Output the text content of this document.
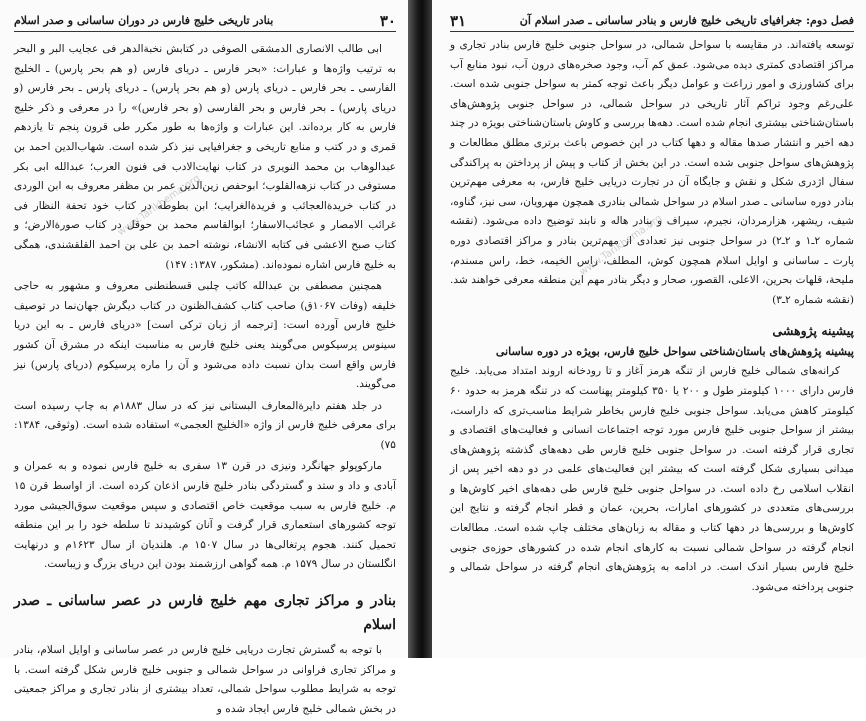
۳۰
بنادر تاریخی خلیج فارس در دوران ساسانی و صدر اسلام

ابی طالب الانصاری الدمشقی الصوفی در کتابش نخبة‌الدهر فی عجایب البر و البحر به ترتیب واژه‌ها و عبارات: «بحر فارس ـ دریای فارس (و هم بحر پارس) ـ الخلیج الفارسی ـ بحر فارس ـ دریای پارس (و هم بحر پارس) ـ دریای پارس ـ بحر فارس (و دریای پارس) ـ بحر فارس و بحر الفارسی (و بحر فارس)» را در معرفی و ذکر خلیج فارس به کار برده‌اند. این عبارات و واژه‌ها به طور مکرر طی قرون پنجم تا یازدهم قمری و در کتب و منابع تاریخی و جغرافیایی نیز ذکر شده است. شهاب‌الدین احمد بن عبدالوهاب بن محمد النویری در کتاب نهایت‌الادب فی فنون العرب؛ عبدالله ابی بکر مستوفی در کتاب نزهه‌القلوب؛ ابوحفص زین‌الدین عمر بن مظفر معروف به ابن الوردی در کتاب خریدة‌العجائب و فریدةالغرایب؛ ابن بطوطه در کتاب خود تحفة النظار فی غرائب الامصار و عجائب‌الاسفار؛ ابوالقاسم محمد بن حوقل در کتاب صورةالارض؛ و کتاب صبح الاعشی فی کتابه الانشاء، نوشته احمد بن علی بن احمد القلقشندی، همگی به خلیج فارس اشاره نموده‌اند. (مشکور، ۱۳۸۷: ۱۴۷)

همچنین مصطفی بن عبدالله کاتب چلبی قسطنطنی معروف و مشهور به حاجی خلیفه (وفات ۱۰۶۷ق) صاحب کتاب کشف‌الظنون در کتاب دیگرش جهان‌نما در توصیف خلیج فارس آورده است: [ترجمه از زبان ترکی است] «دریای فارس ـ به این دریا سینوس پرسیکوس می‌گویند یعنی خلیج فارس به مناسبت اینکه در مشرق آن کشور فارس واقع است بدان نسبت داده می‌شود و آن را ماره پرسیکوم (دریای پارس) نیز می‌گویند.

در جلد هفتم دایرةالمعارف البستانی نیز که در سال ۱۸۸۳م به چاپ رسیده است برای معرفی خلیج فارس از واژه «الخلیج العجمی» استفاده شده است. (وثوقی، ۱۳۸۴: ۷۵)

مارکوپولو جهانگرد ونیزی در قرن ۱۳ سفری به خلیج فارس نموده و به عمران و آبادی و داد و ستد و گستردگی بنادر خلیج فارس اذعان کرده است. از اواسط قرن ۱۵ م. خلیج فارس به سبب موقعیت خاص اقتصادی و سپس موقعیت سوق‌الجیشی مورد توجه کشورهای استعماری قرار گرفت و آنان کوشیدند تا سلطه خود را بر این منطقه تحمیل کنند. هجوم پرتغالی‌ها در سال ۱۵۰۷ م. هلندیان از سال ۱۶۲۳م و درنهایت انگلستان در سال ۱۵۷۹ م. همه گواهی ارزشمند بودن این دریای بزرگ و زیباست.

بنادر و مراکز تجاری مهم خلیج فارس در عصر ساسانی ـ صدر اسلام

با توجه به گسترش تجارت دریایی خلیج فارس در عصر ساسانی و اوایل اسلام، بنادر و مراکز تجاری فراوانی در سواحل شمالی و جنوبی خلیج فارس شکل گرفته است. با توجه به شرایط مطلوب سواحل شمالی، تعداد بیشتری از بنادر تجاری و مراکز جمعیتی در بخش شمالی خلیج فارس ایجاد شده و

www.Tarikhema.org
فصل دوم: جغرافیای تاریخی خلیج فارس و بنادر ساسانی ـ صدر اسلام آن
۳۱

توسعه یافته‌اند. در مقایسه با سواحل شمالی، در سواحل جنوبی خلیج فارس بنادر تجاری و مراکز اقتصادی کمتری دیده می‌شود. عمق کم آب، وجود صخره‌های درون آب، نبود منابع آب برای کشاورزی و امور زراعت و عوامل دیگر باعث توجه کمتر به سواحل جنوبی شده است. علی‌رغم وجود تراکم آثار تاریخی در سواحل شمالی، در سواحل جنوبی پژوهش‌های باستان‌شناختی بیشتری انجام شده است. دهه‌ها بررسی و کاوش باستان‌شناختی بویژه در چند دهه اخیر و انتشار صدها مقاله و دهها کتاب در این خصوص باعث برتری مطلق مطالعات و پژوهش‌های سواحل جنوبی شده است. در این بخش از کتاب و پیش از پرداختن به پراکندگی سفال اژدری شکل و نقش و جایگاه آن در تجارت دریایی خلیج فارس، به معرفی مهم‌ترین بنادر دوره ساسانی ـ صدر اسلام در سواحل شمالی بنادری همچون مهرویان، سی نیز، گناوه، شیف، ریشهر، هزارمردان، نجیرم، سیراف و بنادر هاله و نابند توضیح داده می‌شود. (نقشه شماره ۲ـ۱ و ۲ـ۲) در سواحل جنوبی نیز تعدادی از مهم‌ترین بنادر و مراکز اقتصادی دوره پارت ـ ساسانی و اوایل اسلام همچون کوش، المطلف، راس الخیمه، خط، راس مسندم، ملیحة، قلهات بحرین، الاعلی، القصور، صحار و دیگر بنادر مهم این منطقه معرفی خواهند شد. (نقشه شماره ۲ـ۳)

پیشینه پژوهشی
پیشینه پژوهش‌های باستان‌شناختی سواحل خلیج فارس، بویژه در دوره ساسانی

کرانه‌های شمالی خلیج فارس از تنگه هرمز آغاز و تا رودخانه اروند امتداد می‌یابد. خلیج فارس دارای ۱۰۰۰ کیلومتر طول و ۲۰۰ یا ۳۵۰ کیلومتر پهناست که در تنگه هرمز به حدود ۶۰ کیلومتر کاهش می‌یابد. سواحل جنوبی خلیج فارس بخاطر شرایط مناسب‌تری که داراست، بیشتر از سواحل جنوبی خلیج فارس مورد توجه اجتماعات انسانی و فعالیت‌های اقتصادی و تجاری قرار گرفته است. در سواحل جنوبی خلیج فارس طی دهه‌های گذشته پژوهش‌های میدانی بسیاری شکل گرفته است که بیشتر این فعالیت‌های علمی در دو دهه اخیر پس از انقلاب اسلامی رخ داده است. در سواحل جنوبی خلیج فارس طی دهه‌های اخیر کاوش‌ها و بررسی‌های متعددی در کشورهای امارات، بحرین، عمان و قطر انجام گرفته و نتایج این کاوش‌ها و بررسی‌ها در دهها کتاب و مقاله به زبان‌های مختلف چاپ شده است. مطالعات انجام گرفته در سواحل شمالی نسبت به کارهای انجام شده در کشورهای حوزه‌ی جنوبی خلیج فارس بسیار اندک است. در ادامه به پژوهش‌های انجام گرفته در سواحل شمالی و جنوبی پرداخته می‌شود.

www.Tarikhema.org
